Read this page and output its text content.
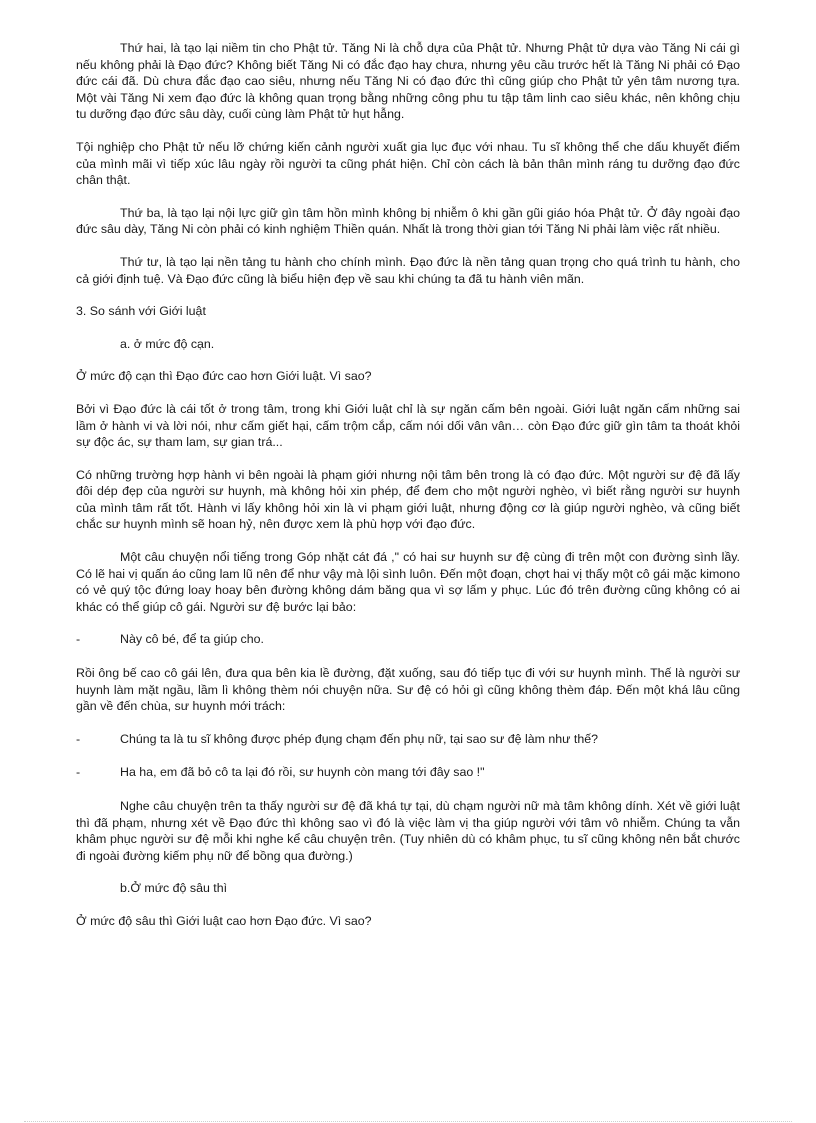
Thứ hai, là tạo lại niềm tin cho Phật tử. Tăng Ni là chỗ dựa của Phật tử. Nhưng Phật tử dựa vào Tăng Ni cái gì nếu không phải là Đạo đức? Không biết Tăng Ni có đắc đạo hay chưa, nhưng yêu cầu trước hết là Tăng Ni phải có Đạo đức cái đã. Dù chưa đắc đạo cao siêu, nhưng nếu Tăng Ni có đạo đức thì cũng giúp cho Phật tử yên tâm nương tựa. Một vài Tăng Ni xem đạo đức là không quan trọng bằng những công phu tu tập tâm linh cao siêu khác, nên không chịu tu dưỡng đạo đức sâu dày, cuối cùng làm Phật tử hụt hẫng.

Tội nghiệp cho Phật tử nếu lỡ chứng kiến cảnh người xuất gia lục đục với nhau. Tu sĩ không thể che dấu khuyết điểm của mình mãi vì tiếp xúc lâu ngày rồi người ta cũng phát hiện. Chỉ còn cách là bản thân mình ráng tu dưỡng đạo đức chân thật.

Thứ ba, là tạo lại nội lực giữ gìn tâm hồn mình không bị nhiễm ô khi gần gũi giáo hóa Phật tử. Ở đây ngoài đạo đức sâu dày, Tăng Ni còn phải có kinh nghiệm Thiền quán. Nhất là trong thời gian tới Tăng Ni phải làm việc rất nhiều.

Thứ tư, là tạo lại nền tảng tu hành cho chính mình. Đạo đức là nền tảng quan trọng cho quá trình tu hành, cho cả giới định tuệ. Và Đạo đức cũng là biểu hiện đẹp về sau khi chúng ta đã tu hành viên mãn.

3. So sánh với Giới luật

a. ở mức độ cạn.

Ở mức độ cạn thì Đạo đức cao hơn Giới luật. Vì sao?

Bởi vì Đạo đức là cái tốt ở trong tâm, trong khi Giới luật chỉ là sự ngăn cấm bên ngoài. Giới luật ngăn cấm những sai lầm ở hành vi và lời nói, như cấm giết hại, cấm trộm cắp, cấm nói dối vân vân… còn Đạo đức giữ gìn tâm ta thoát khỏi sự độc ác, sự tham lam, sự gian trá...

Có những trường hợp hành vi bên ngoài là phạm giới nhưng nội tâm bên trong là có đạo đức. Một người sư đệ đã lấy đôi dép đẹp của người sư huynh, mà không hỏi xin phép, để đem cho một người nghèo, vì biết rằng người sư huynh của mình tâm rất tốt. Hành vi lấy không hỏi xin là vi phạm giới luật, nhưng động cơ là giúp người nghèo, và cũng biết chắc sư huynh mình sẽ hoan hỷ, nên được xem là phù hợp với đạo đức.

Một câu chuyện nổi tiếng trong Góp nhặt cát đá ," có hai sư huynh sư đệ cùng đi trên một con đường sình lầy. Có lẽ hai vị quấn áo cũng lam lũ nên để như vậy mà lội sình luôn. Đến một đoạn, chợt hai vị thấy một cô gái mặc kimono có vẻ quý tộc đứng loay hoay bên đường không dám băng qua vì sợ lấm y phục. Lúc đó trên đường cũng không có ai khác có thể giúp cô gái. Người sư đệ bước lại bảo:

-	Này cô bé, để ta giúp cho.

Rồi ông bế cao cô gái lên, đưa qua bên kia lề đường, đặt xuống, sau đó tiếp tục đi với sư huynh mình. Thế là người sư huynh làm mặt ngầu, lầm lì không thèm nói chuyện nữa. Sư đệ có hỏi gì cũng không thèm đáp. Đến một khá lâu cũng gần về đến chùa, sư huynh mới trách:

-	Chúng ta là tu sĩ không được phép đụng chạm đến phụ nữ, tại sao sư đệ làm như thế?
-	Ha ha, em đã bỏ cô ta lại đó rồi, sư huynh còn mang tới đây sao !"

Nghe câu chuyện trên ta thấy người sư đệ đã khá tự tại, dù chạm người nữ mà tâm không dính. Xét về giới luật thì đã phạm, nhưng xét về Đạo đức thì không sao vì đó là việc làm vị tha giúp người với tâm vô nhiễm. Chúng ta vẫn khâm phục người sư đệ mỗi khi nghe kể câu chuyện trên. (Tuy nhiên dù có khâm phục, tu sĩ cũng không nên bắt chước đi ngoài đường kiếm phụ nữ để bồng qua đường.)

b.Ở mức độ sâu thì

Ở mức độ sâu thì Giới luật cao hơn Đạo đức. Vì sao?
